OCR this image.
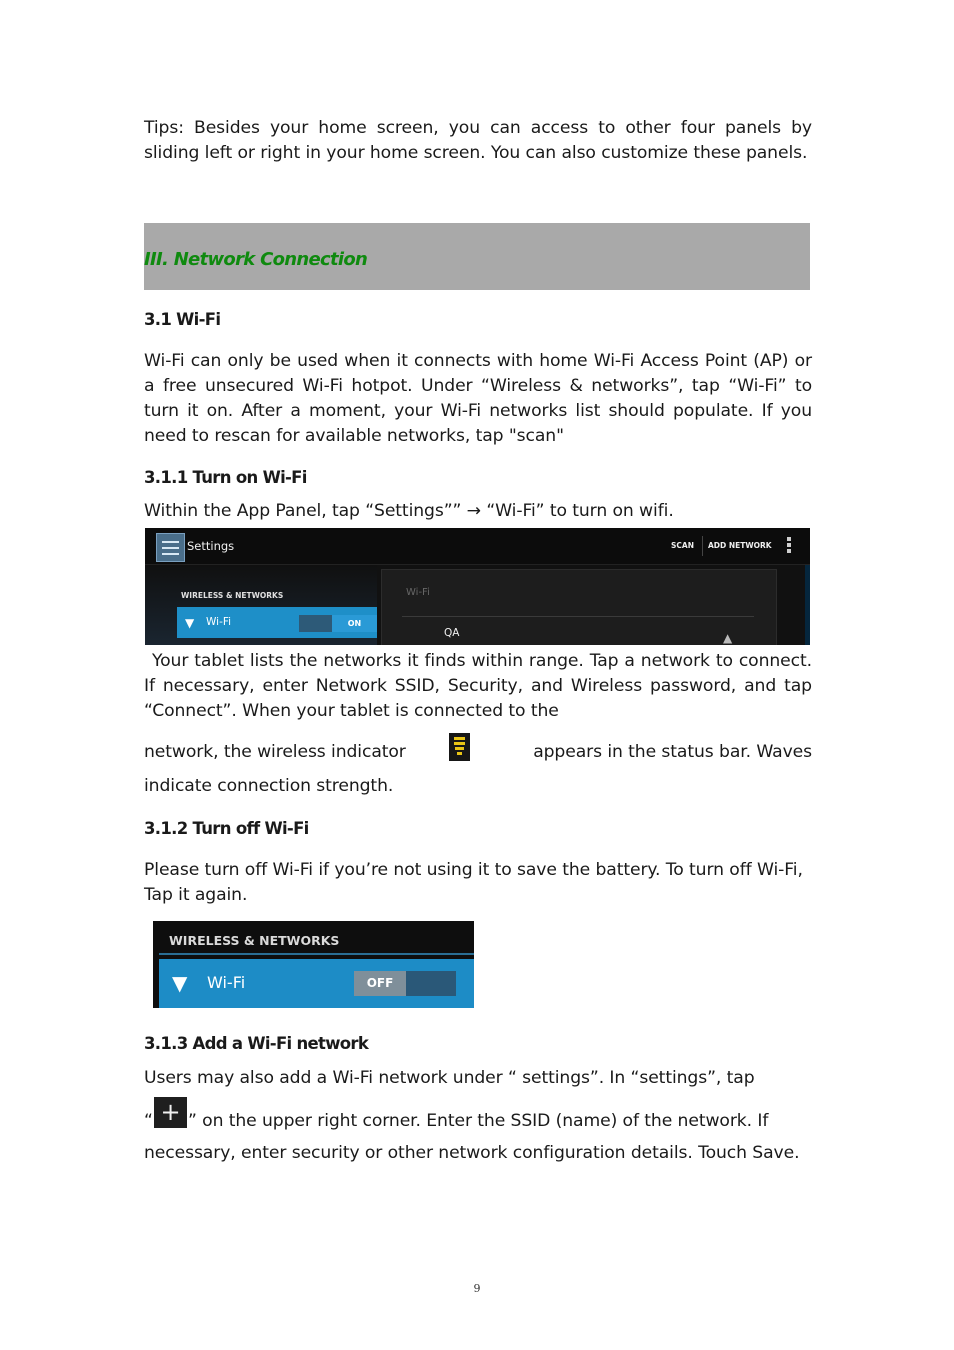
Tips: Besides your home screen, you can access to other four panels by sliding left or right in your home screen. You can also customize these panels.

III. Network Connection
3.1 Wi-Fi

Wi-Fi can only be used when it connects with home Wi-Fi Access Point (AP) or a free unsecured Wi-Fi hotpot. Under “Wireless & networks”, tap “Wi-Fi” to turn it on. After a moment, your Wi-Fi networks list should populate. If you need to rescan for available networks, tap "scan"

3.1.1 Turn on Wi-Fi

Within the App Panel, tap “Settings”” → “Wi-Fi” to turn on wifi.

Settings	SCAN ADD NETWORK
WIRELESS & NETWORKS
▼ Wi-Fi	ON
Wi-Fi
QA	▲

Your tablet lists the networks it finds within range. Tap a network to connect. If necessary, enter Network SSID, Security, and Wireless password, and tap “Connect”. When your tablet is connected to the

network, the wireless indicator	appears in the status bar. Waves

indicate connection strength.

3.1.2 Turn off Wi-Fi

Please turn off Wi-Fi if you’re not using it to save the battery. To turn off Wi-Fi, Tap it again.

WIRELESS & NETWORKS
▼ Wi-Fi	OFF
3.1.3 Add a Wi-Fi network

Users may also add a Wi-Fi network under “ settings”. In “settings”, tap

“ + ” on the upper right corner. Enter the SSID (name) of the network. If

necessary, enter security or other network configuration details. Touch Save.

9
